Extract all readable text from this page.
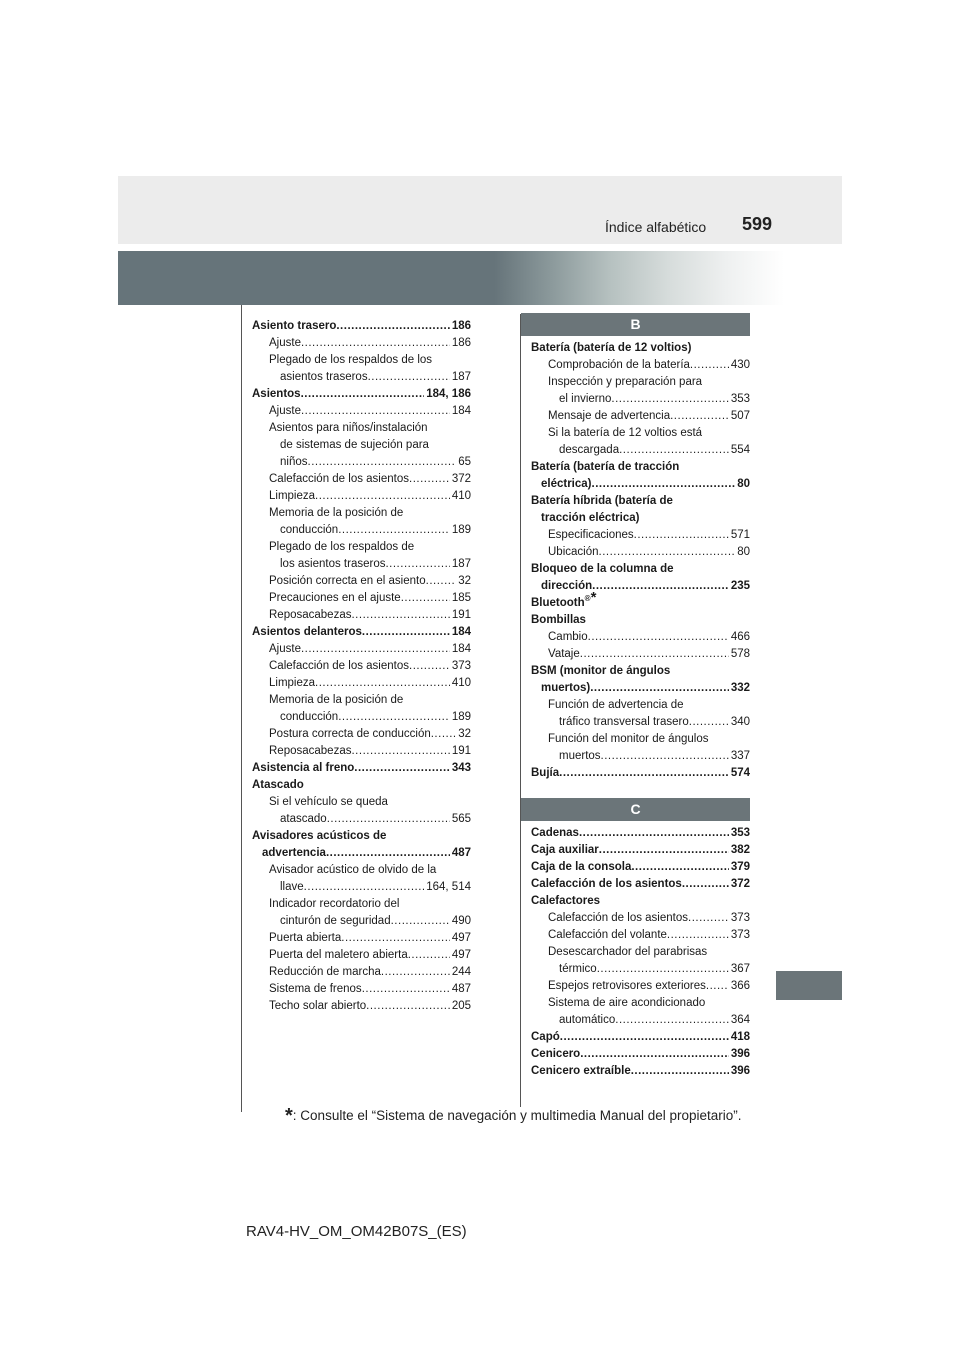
Índice alfabético 599
Asiento trasero .....	186
Ajuste .....	186
Plegado de los respaldos de los
asientos traseros .....	187
Asientos .....	184, 186
Ajuste .....	184
Asientos para niños/instalación
de sistemas de sujeción para
niños .....	65
Calefacción de los asientos .....	372
Limpieza .....	410
Memoria de la posición de
conducción .....	189
Plegado de los respaldos de
los asientos traseros .....	187
Posición correcta en el asiento .....	32
Precauciones en el ajuste .....	185
Reposacabezas .....	191
Asientos delanteros .....	184
Ajuste .....	184
Calefacción de los asientos .....	373
Limpieza .....	410
Memoria de la posición de
conducción .....	189
Postura correcta de conducción ..... 32
Reposacabezas .....	191
Asistencia al freno .....	343
Atascado
Si el vehículo se queda
atascado .....	565
Avisadores acústicos de
advertencia .....	487
Avisador acústico de olvido de la
llave .....	164, 514
Indicador recordatorio del
cinturón de seguridad .....	490
Puerta abierta .....	497
Puerta del maletero abierta .....	497
Reducción de marcha .....	244
Sistema de frenos .....	487
Techo solar abierto .....	205
B
Batería (batería de 12 voltios)
Comprobación de la batería .....	430
Inspección y preparación para
el invierno .....	353
Mensaje de advertencia .....	507
Si la batería de 12 voltios está
descargada .....	554
Batería (batería de tracción
eléctrica) .....	80
Batería híbrida (batería de
tracción eléctrica)
Especificaciones .....	571
Ubicación .....	80
Bloqueo de la columna de
dirección .....	235
Bluetooth®*
Bombillas
Cambio .....	466
Vataje .....	578
BSM (monitor de ángulos
muertos) .....	332
Función de advertencia de
tráfico transversal trasero .....	340
Función del monitor de ángulos
muertos .....	337
Bujía .....	574
C
Cadenas .....	353
Caja auxiliar .....	382
Caja de la consola .....	379
Calefacción de los asientos .....	372
Calefactores
Calefacción de los asientos .....	373
Calefacción del volante .....	373
Desescarchador del parabrisas
térmico .....	367
Espejos retrovisores exteriores ..... 366
Sistema de aire acondicionado
automático .....	364
Capó .....	418
Cenicero .....	396
Cenicero extraíble .....	396
*: Consulte el “Sistema de navegación y multimedia Manual del propietario”.
RAV4-HV_OM_OM42B07S_(ES)
